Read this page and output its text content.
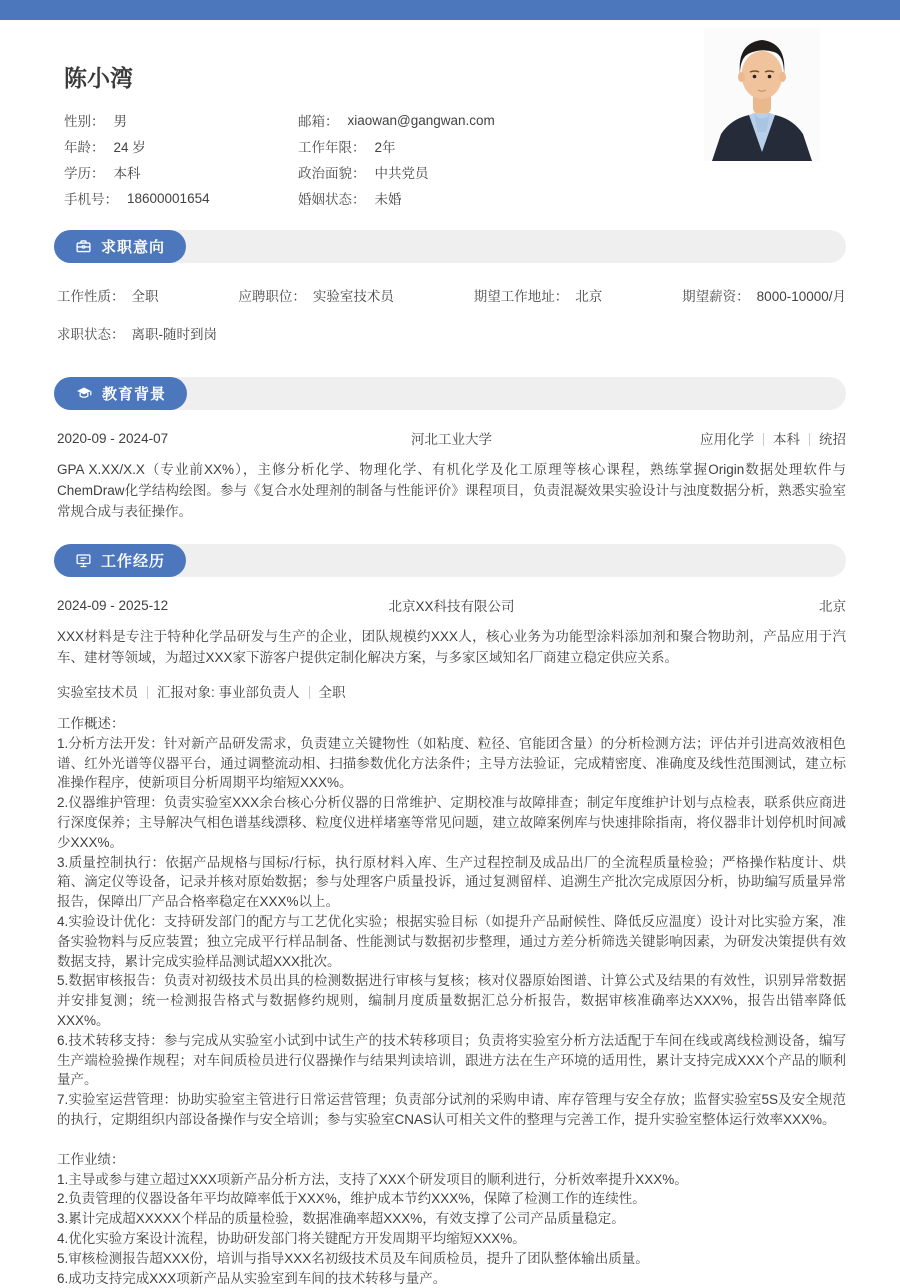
陈小湾
性别： 男
年龄： 24 岁
学历： 本科
手机号： 18600001654
邮箱： xiaowan@gangwan.com
工作年限： 2年
政治面貌： 中共党员
婚姻状态： 未婚
求职意向
工作性质： 全职	应聘职位： 实验室技术员	期望工作地址： 北京	期望薪资： 8000-10000/月
求职状态： 离职-随时到岗
教育背景
2020-09 - 2024-07	河北工业大学	应用化学 本科 统招

GPA X.XX/X.X（专业前XX%），主修分析化学、物理化学、有机化学及化工原理等核心课程，熟练掌握Origin数据处理软件与ChemDraw化学结构绘图。参与《复合水处理剂的制备与性能评价》课程项目，负责混凝效果实验设计与浊度数据分析，熟悉实验室常规合成与表征操作。

工作经历
2024-09 - 2025-12	北京XX科技有限公司	北京

XXX材料是专注于特种化学品研发与生产的企业，团队规模约XXX人，核心业务为功能型涂料添加剂和聚合物助剂，产品应用于汽车、建材等领域，为超过XXX家下游客户提供定制化解决方案，与多家区域知名厂商建立稳定供应关系。

实验室技术员 汇报对象: 事业部负责人 全职
工作概述：
1.分析方法开发：针对新产品研发需求，负责建立关键物性（如粘度、粒径、官能团含量）的分析检测方法；评估并引进高效液相色谱、红外光谱等仪器平台，通过调整流动相、扫描参数优化方法条件；主导方法验证，完成精密度、准确度及线性范围测试，建立标准操作程序，使新项目分析周期平均缩短XXX%。
2.仪器维护管理：负责实验室XXX余台核心分析仪器的日常维护、定期校准与故障排查；制定年度维护计划与点检表，联系供应商进行深度保养；主导解决气相色谱基线漂移、粒度仪进样堵塞等常见问题，建立故障案例库与快速排除指南，将仪器非计划停机时间减少XXX%。
3.质量控制执行：依据产品规格与国标/行标，执行原材料入库、生产过程控制及成品出厂的全流程质量检验；严格操作粘度计、烘箱、滴定仪等设备，记录并核对原始数据；参与处理客户质量投诉，通过复测留样、追溯生产批次完成原因分析，协助编写质量异常报告，保障出厂产品合格率稳定在XXX%以上。
4.实验设计优化：支持研发部门的配方与工艺优化实验；根据实验目标（如提升产品耐候性、降低反应温度）设计对比实验方案，准备实验物料与反应装置；独立完成平行样品制备、性能测试与数据初步整理，通过方差分析筛选关键影响因素，为研发决策提供有效数据支持，累计完成实验样品测试超XXX批次。
5.数据审核报告：负责对初级技术员出具的检测数据进行审核与复核；核对仪器原始图谱、计算公式及结果的有效性，识别异常数据并安排复测；统一检测报告格式与数据修约规则，编制月度质量数据汇总分析报告，数据审核准确率达XXX%，报告出错率降低XXX%。
6.技术转移支持：参与完成从实验室小试到中试生产的技术转移项目；负责将实验室分析方法适配于车间在线或离线检测设备，编写生产端检验操作规程；对车间质检员进行仪器操作与结果判读培训，跟进方法在生产环境的适用性，累计支持完成XXX个产品的顺利量产。
7.实验室运营管理：协助实验室主管进行日常运营管理；负责部分试剂的采购申请、库存管理与安全存放；监督实验室5S及安全规范的执行，定期组织内部设备操作与安全培训；参与实验室CNAS认可相关文件的整理与完善工作，提升实验室整体运行效率XXX%。
工作业绩：
1.主导或参与建立超过XXX项新产品分析方法，支持了XXX个研发项目的顺利进行，分析效率提升XXX%。
2.负责管理的仪器设备年平均故障率低于XXX%，维护成本节约XXX%，保障了检测工作的连续性。
3.累计完成超XXXXX个样品的质量检验，数据准确率超XXX%，有效支撑了公司产品质量稳定。
4.优化实验方案设计流程，协助研发部门将关键配方开发周期平均缩短XXX%。
5.审核检测报告超XXX份，培训与指导XXX名初级技术员及车间质检员，提升了团队整体输出质量。
6.成功支持完成XXX项新产品从实验室到车间的技术转移与量产。
